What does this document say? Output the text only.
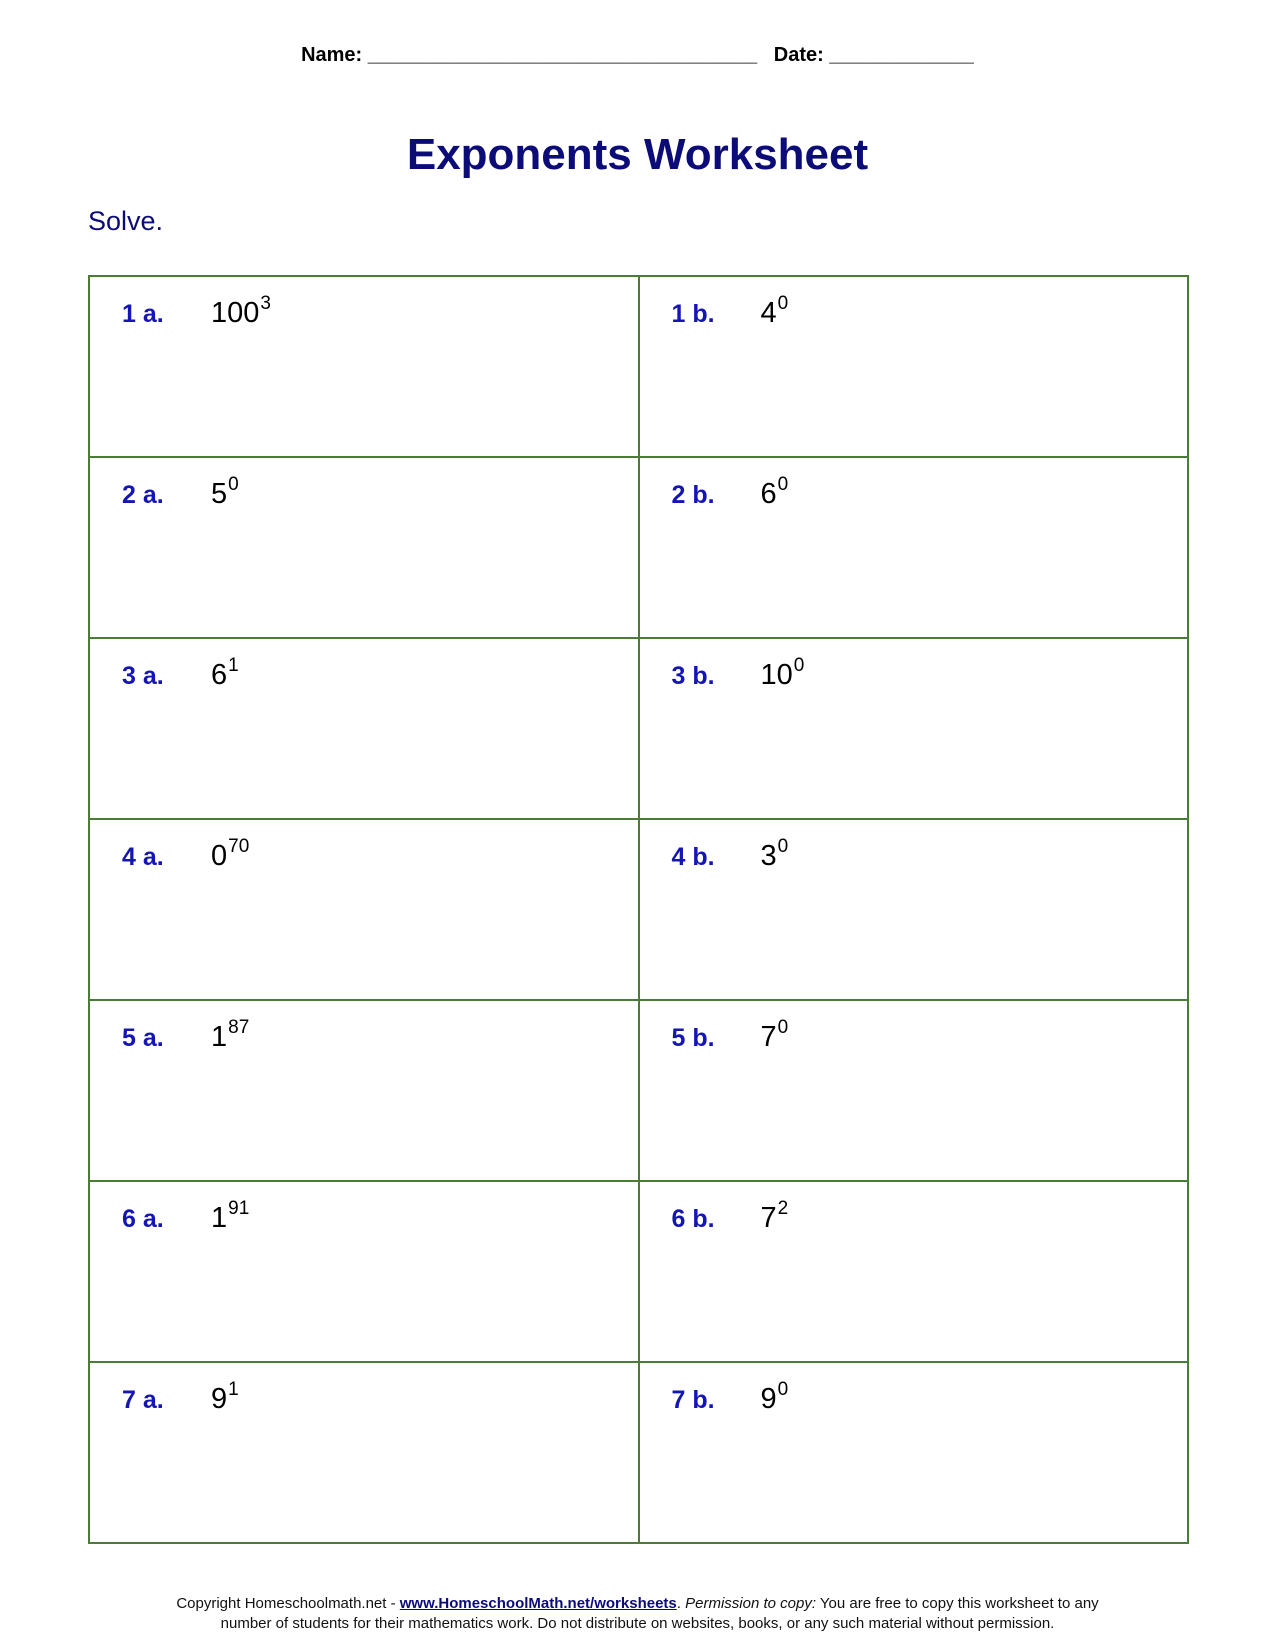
Name: ___________________________________ Date: _____________
Exponents Worksheet
Solve.
1 a. $100^3$	1 b. $4^0$

2 a. $5^0$	2 b. $6^0$

3 a. $6^1$	3 b. $10^0$

4 a. $0^{70}$	4 b. $3^0$

5 a. $1^{87}$	5 b. $7^0$

6 a. $1^{91}$	6 b. $7^2$

7 a. $9^1$	7 b. $9^0$
Copyright Homeschoolmath.net - www.HomeschoolMath.net/worksheets. Permission to copy: You are free to copy this worksheet to any
number of students for their mathematics work. Do not distribute on websites, books, or any such material without permission.
